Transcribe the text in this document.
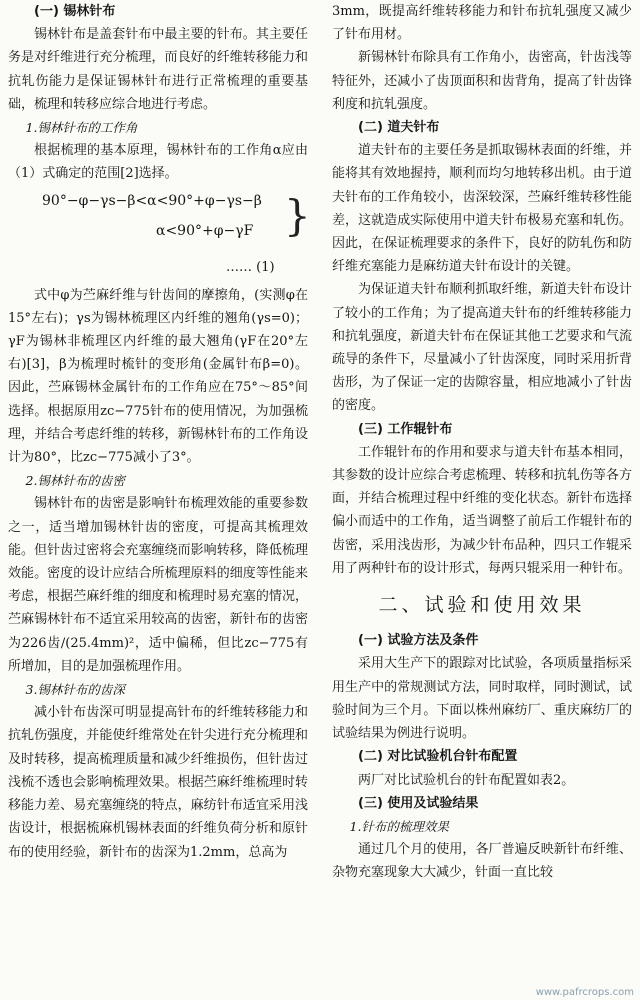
(一) 锡林针布

锡林针布是盖套针布中最主要的针布。其主要任务是对纤维进行充分梳理，而良好的纤维转移能力和抗轧伤能力是保证锡林针布进行正常梳理的重要基础，梳理和转移应综合地进行考虑。

1.锡林针布的工作角

根据梳理的基本原理，锡林针布的工作角α应由（1）式确定的范围[2]选择。

90°−φ−γs−β<α<90°+φ−γs−β
α<90°+φ−γF }
…… (1)

式中φ为苎麻纤维与针齿间的摩擦角，(实测φ在15°左右)；γs为锡林梳理区内纤维的翘角(γs=0)；γF为锡林非梳理区内纤维的最大翘角(γF在20°左右)[3]，β为梳理时梳针的变形角(金属针布β=0)。因此，苎麻锡林金属针布的工作角应在75°～85°间选择。根据原用zc−775针布的使用情况，为加强梳理，并结合考虑纤维的转移，新锡林针布的工作角设计为80°，比zc−775减小了3°。

2.锡林针布的齿密

锡林针布的齿密是影响针布梳理效能的重要参数之一，适当增加锡林针齿的密度，可提高其梳理效能。但针齿过密将会充塞缠绕而影响转移，降低梳理效能。密度的设计应结合所梳理原料的细度等性能来考虑，根据苎麻纤维的细度和梳理时易充塞的情况，苎麻锡林针布不适宜采用较高的齿密，新针布的齿密为226齿/(25.4mm)²，适中偏稀，但比zc−775有所增加，目的是加强梳理作用。

3.锡林针布的齿深

减小针布齿深可明显提高针布的纤维转移能力和抗轧伤强度，并能使纤维常处在针尖进行充分梳理和及时转移，提高梳理质量和减少纤维损伤，但针齿过浅梳不透也会影响梳理效果。根据苎麻纤维梳理时转移能力差、易充塞缠绕的特点，麻纺针布适宜采用浅齿设计，根据梳麻机锡林表面的纤维负荷分析和原针布的使用经验，新针布的齿深为1.2mm，总高为

3mm，既提高纤维转移能力和针布抗轧强度又减少了针布用材。

新锡林针布除具有工作角小，齿密高，针齿浅等特征外，还减小了齿顶面积和齿背角，提高了针齿锋利度和抗轧强度。

(二) 道夫针布

道夫针布的主要任务是抓取锡林表面的纤维，并能将其有效地握持，顺利而均匀地转移出机。由于道夫针布的工作角较小，齿深较深，苎麻纤维转移性能差，这就造成实际使用中道夫针布极易充塞和轧伤。因此，在保证梳理要求的条件下，良好的防轧伤和防纤维充塞能力是麻纺道夫针布设计的关键。

为保证道夫针布顺利抓取纤维，新道夫针布设计了较小的工作角；为了提高道夫针布的纤维转移能力和抗轧强度，新道夫针布在保证其他工艺要求和气流疏导的条件下，尽量减小了针齿深度，同时采用折背齿形，为了保证一定的齿隙容量，相应地减小了针齿的密度。

(三) 工作辊针布

工作辊针布的作用和要求与道夫针布基本相同，其参数的设计应综合考虑梳理、转移和抗轧伤等各方面，并结合梳理过程中纤维的变化状态。新针布选择偏小而适中的工作角，适当调整了前后工作辊针布的齿密，采用浅齿形，为减少针布品种，四只工作辊采用了两种针布的设计形式，每两只辊采用一种针布。

二、试验和使用效果
(一) 试验方法及条件

采用大生产下的跟踪对比试验，各项质量指标采用生产中的常规测试方法，同时取样，同时测试，试验时间为三个月。下面以株州麻纺厂、重庆麻纺厂的试验结果为例进行说明。

(二) 对比试验机台针布配置

两厂对比试验机台的针布配置如表2。

(三) 使用及试验结果
1.针布的梳理效果

通过几个月的使用，各厂普遍反映新针布纤维、杂物充塞现象大大减少，针面一直比较

www.pafrcrops.com
